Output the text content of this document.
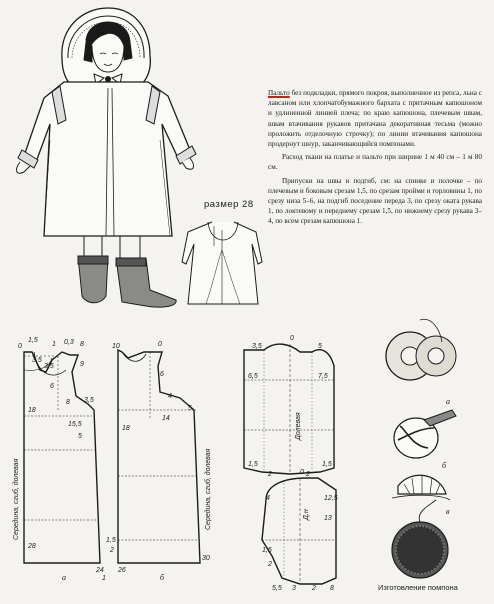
0
1,5
1 0,3 8
3,5
3,5
6
9
3,5
8
15,5
5
18
28
24
1
а
Середина, сгиб, долевая
10	0
6
4
5
14
18
30
26
2
1,5
б
Середина, сгиб, долевая
3,5
0
5
6,5	7,5
1,5	1,5
2	2
Долевая
0
12,5
13
4
1,5
2
5,5 3 2 8
Д.н
а
б
в

Пальто без подкладки, прямого покроя, выполненное из репса, льна с лавсаном или хлопчатобумажного бархата с притачным капюшоном и удлиненной линией плеча; по краю капюшона, плечевым швам, швам втачивания рукавов притачана декоративная тесьма (можно проложить отделочную строчку); по линии втачивания капюшона продернут шнур, заканчивающийся помпонами.

Расход ткани на платье и пальто при ширине 1 м 40 см – 1 м 80 см.

Припуски на швы и подгиб, см: на спинке и полочке – по плечевым и боковым срезам 1,5, по срезам пройми и горловины 1, по срезу низа 5–6, на подгиб поседение переда 3, по срезу оката рукава 1, по локтевому и переднему срезам 1,5, по нижнему срезу рукава 3–4, по всем срезам капюшона 1.

размер 28
Изготовление помпона
